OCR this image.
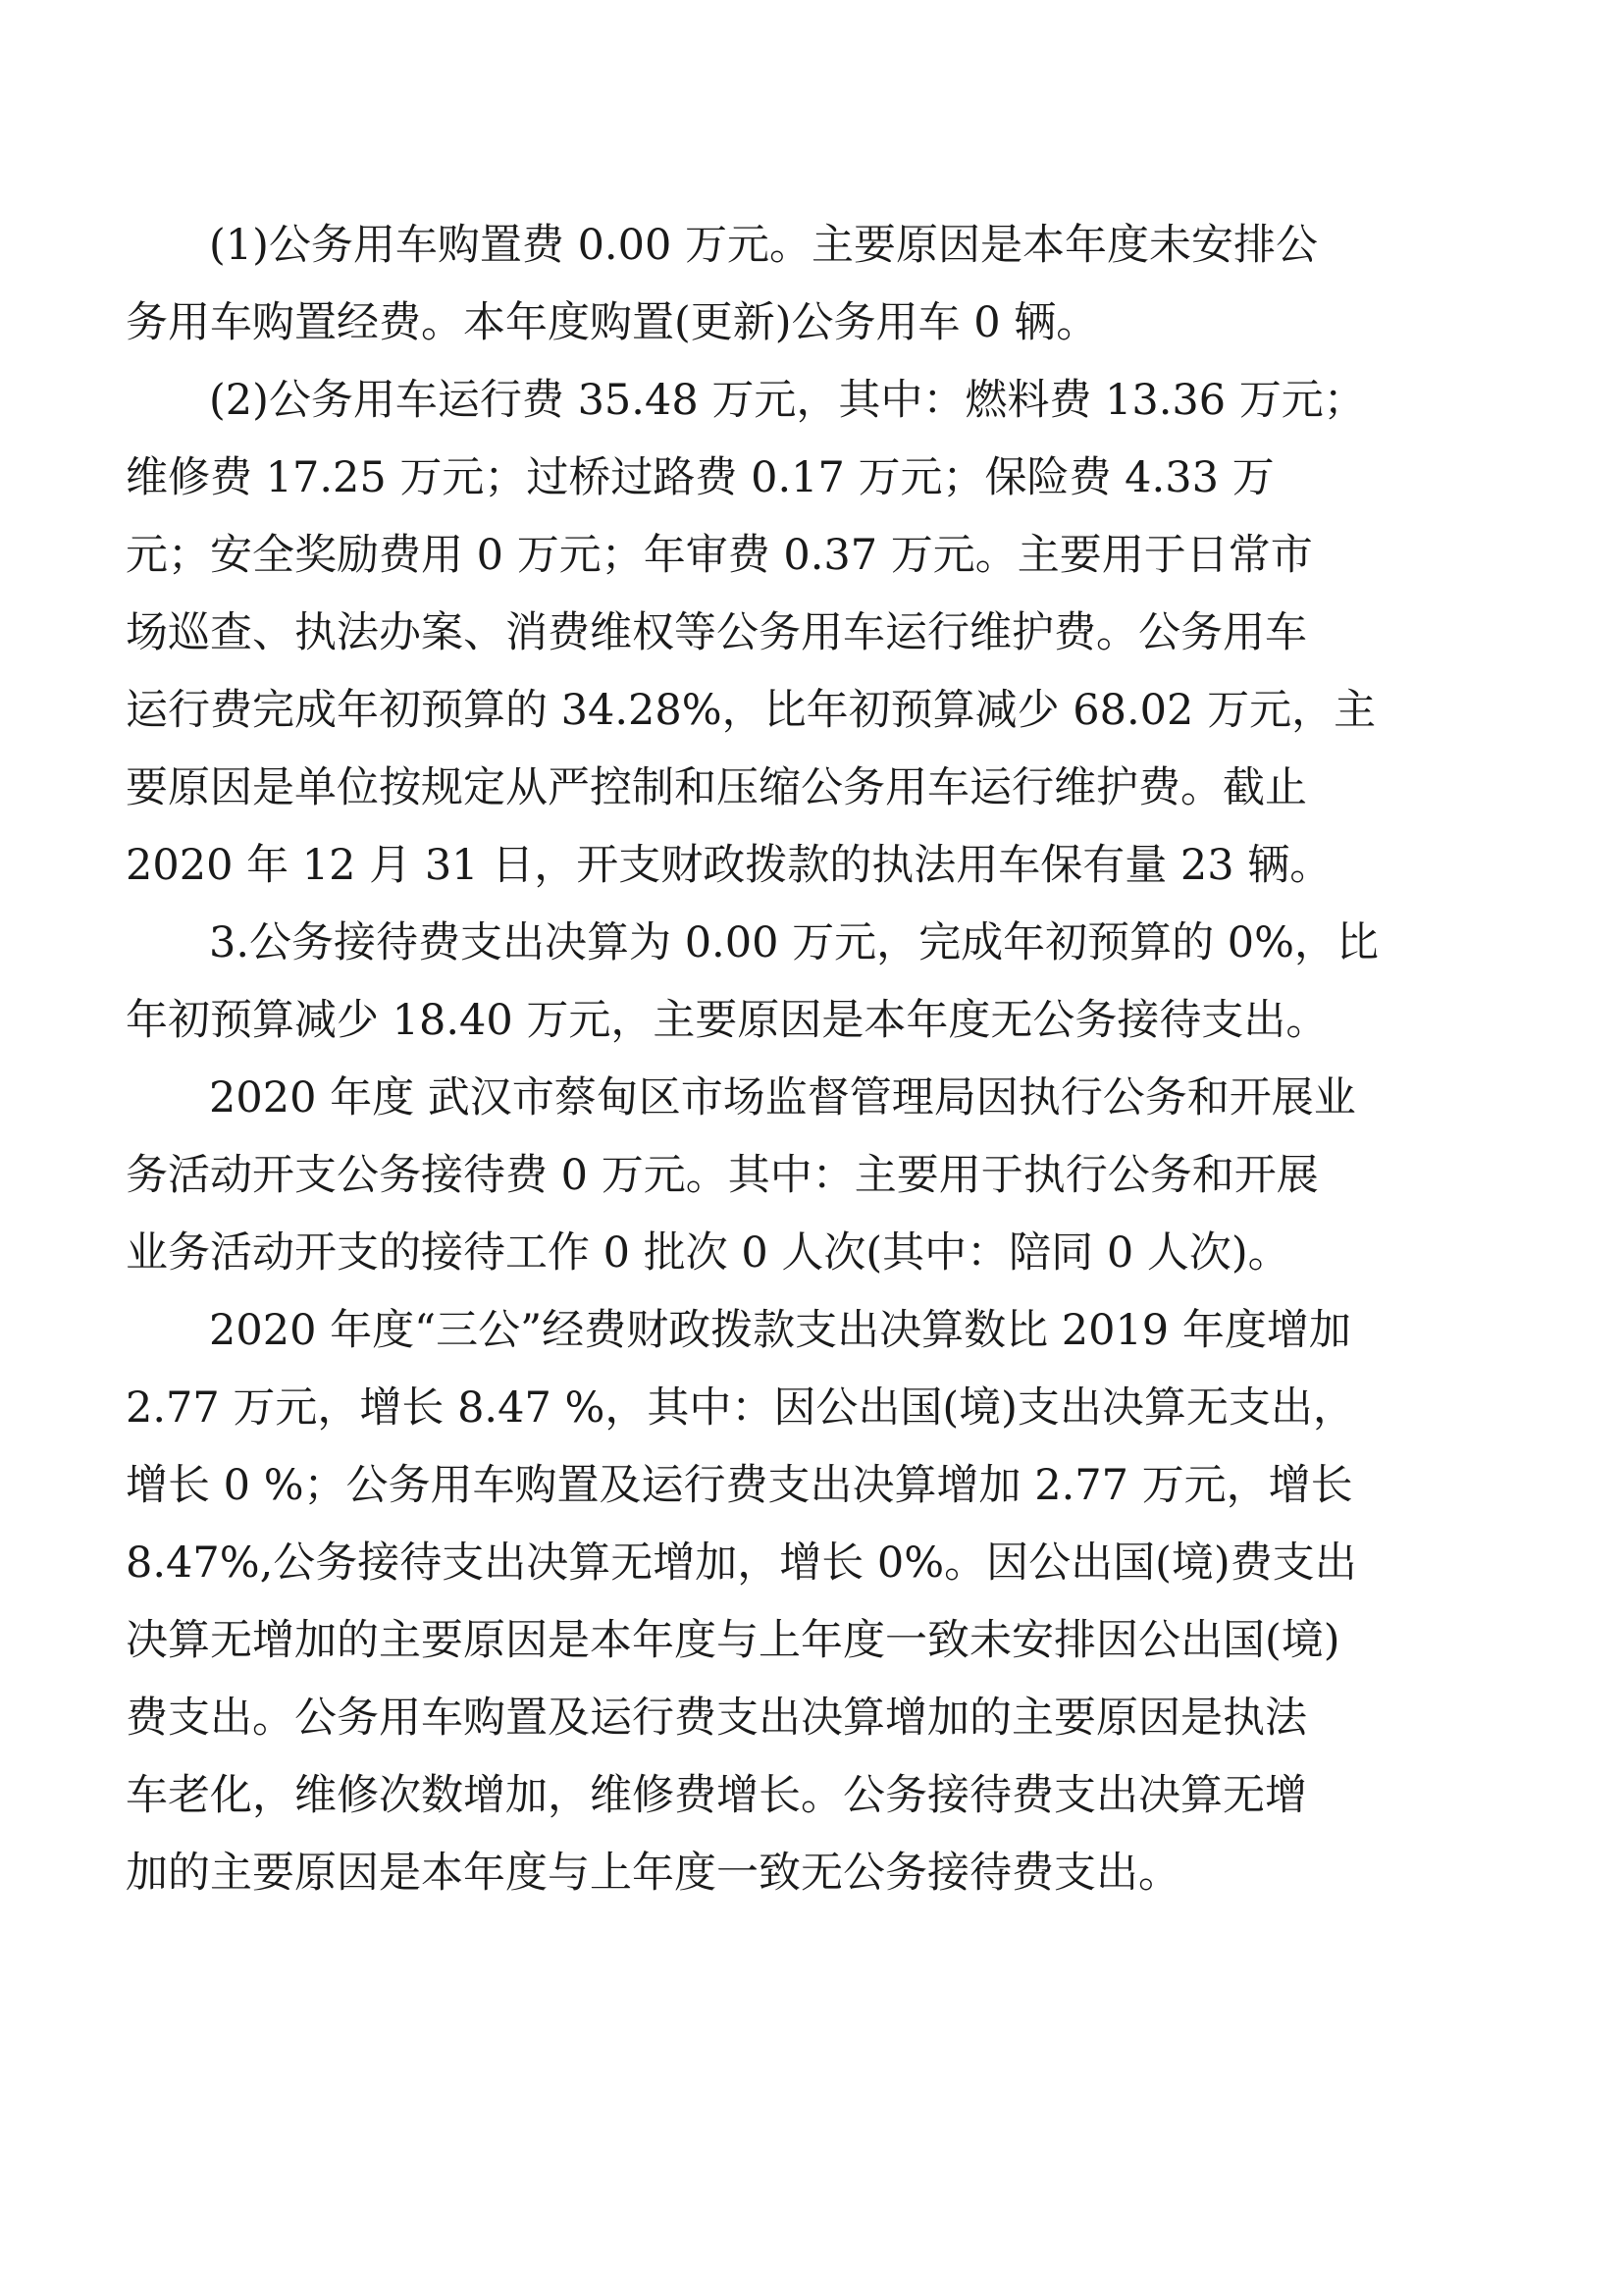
(1)公务用车购置费 0.00 万元。主要原因是本年度未安排公
务用车购置经费。本年度购置(更新)公务用车 0 辆。
(2)公务用车运行费 35.48 万元，其中：燃料费 13.36 万元；
维修费 17.25 万元；过桥过路费 0.17 万元；保险费 4.33 万
元；安全奖励费用 0 万元；年审费 0.37 万元。主要用于日常市
场巡查、执法办案、消费维权等公务用车运行维护费。公务用车
运行费完成年初预算的 34.28%，比年初预算减少 68.02 万元，主
要原因是单位按规定从严控制和压缩公务用车运行维护费。截止
2020 年 12 月 31 日，开支财政拨款的执法用车保有量 23 辆。
3.公务接待费支出决算为 0.00 万元，完成年初预算的 0%，比
年初预算减少 18.40 万元，主要原因是本年度无公务接待支出。
2020 年度 武汉市蔡甸区市场监督管理局因执行公务和开展业
务活动开支公务接待费 0 万元。其中：主要用于执行公务和开展
业务活动开支的接待工作 0 批次 0 人次(其中：陪同 0 人次)。
2020 年度“三公”经费财政拨款支出决算数比 2019 年度增加
2.77 万元，增长 8.47 %，其中：因公出国(境)支出决算无支出，
增长 0 %；公务用车购置及运行费支出决算增加 2.77 万元，增长
8.47%,公务接待支出决算无增加，增长 0%。因公出国(境)费支出
决算无增加的主要原因是本年度与上年度一致未安排因公出国(境)
费支出。公务用车购置及运行费支出决算增加的主要原因是执法
车老化，维修次数增加，维修费增长。公务接待费支出决算无增
加的主要原因是本年度与上年度一致无公务接待费支出。
